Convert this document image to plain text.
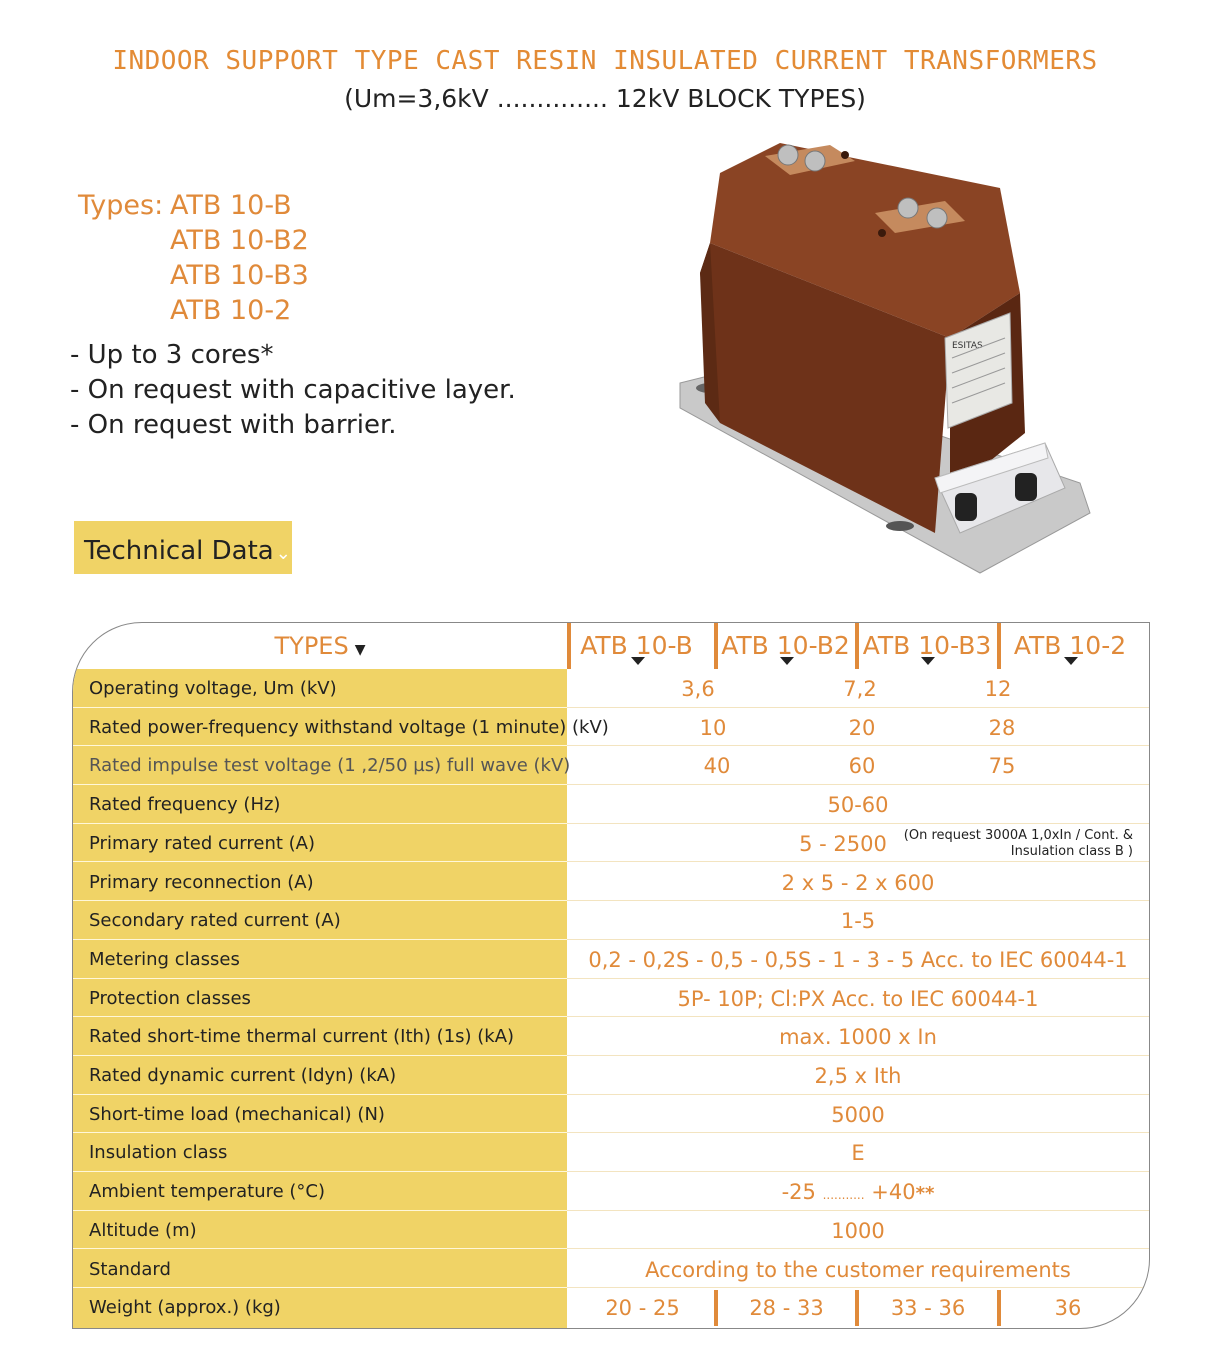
INDOOR SUPPORT TYPE CAST RESIN INSULATED CURRENT TRANSFORMERS
(Um=3,6kV .............. 12kV BLOCK TYPES)
Types: ATB 10-B
ATB 10-B2
ATB 10-B3
ATB 10-2
- Up to 3 cores*
- On request with capacitive layer.
- On request with barrier.
Technical Data ⌄
ESITAS
TYPES ▼	ATB 10-B	ATB 10-B2 ATB 10-B3 ATB 10-2
Operating voltage, Um (kV)	3,6	7,2	12
Rated power-frequency withstand voltage (1 minute) (kV)	10	20	28
Rated impulse test voltage (1 ,2/50 µs) full wave (kV)	40	60	75
Rated frequency (Hz)	50-60
Primary rated current (A)	5 - 2500	(On request 3000A 1,0xIn / Cont. &
Insulation class B )
Primary reconnection (A)	2 x 5 - 2 x 600
Secondary rated current (A)	1-5
Metering classes	0,2 - 0,2S - 0,5 - 0,5S - 1 - 3 - 5 Acc. to IEC 60044-1
Protection classes	5P- 10P; Cl:PX Acc. to IEC 60044-1
Rated short-time thermal current (Ith) (1s) (kA)	max. 1000 x In
Rated dynamic current (Idyn) (kA)	2,5 x Ith
Short-time load (mechanical) (N)	5000
Insulation class	E
Ambient temperature (°C)	-25 ........... +40**
Altitude (m)	1000
Standard	According to the customer requirements
Weight (approx.) (kg)	20 - 25	28 - 33	33 - 36	36
